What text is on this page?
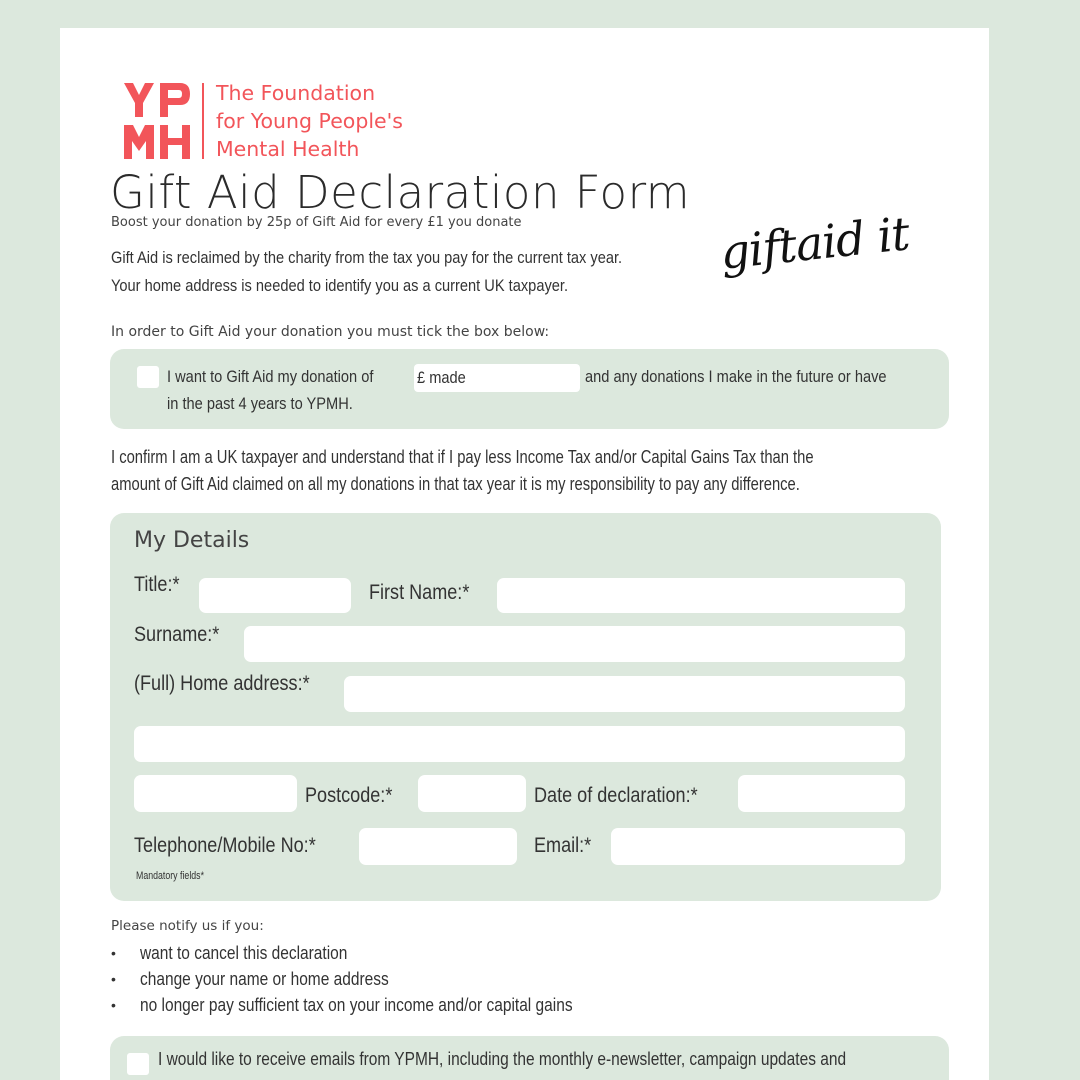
The Foundation
for Young People's
Mental Health
Gift Aid Declaration Form
Boost your donation by 25p of Gift Aid for every £1 you donate
Gift Aid is reclaimed by the charity from the tax you pay for the current tax year.
Your home address is needed to identify you as a current UK taxpayer.
giftaid it
In order to Gift Aid your donation you must tick the box below:
I want to Gift Aid my donation of	£ made	and any donations I make in the future or have
in the past 4 years to YPMH.
I confirm I am a UK taxpayer and understand that if I pay less Income Tax and/or Capital Gains Tax than the
amount of Gift Aid claimed on all my donations in that tax year it is my responsibility to pay any difference.
My Details
Title:*	First Name:*
Surname:*
(Full) Home address:*
Postcode:*	Date of declaration:*
Telephone/Mobile No:*	Email:*
Mandatory fields*
Please notify us if you:
•	want to cancel this declaration
•	change your name or home address
•	no longer pay sufficient tax on your income and/or capital gains
I would like to receive emails from YPMH, including the monthly e-newsletter, campaign updates and
